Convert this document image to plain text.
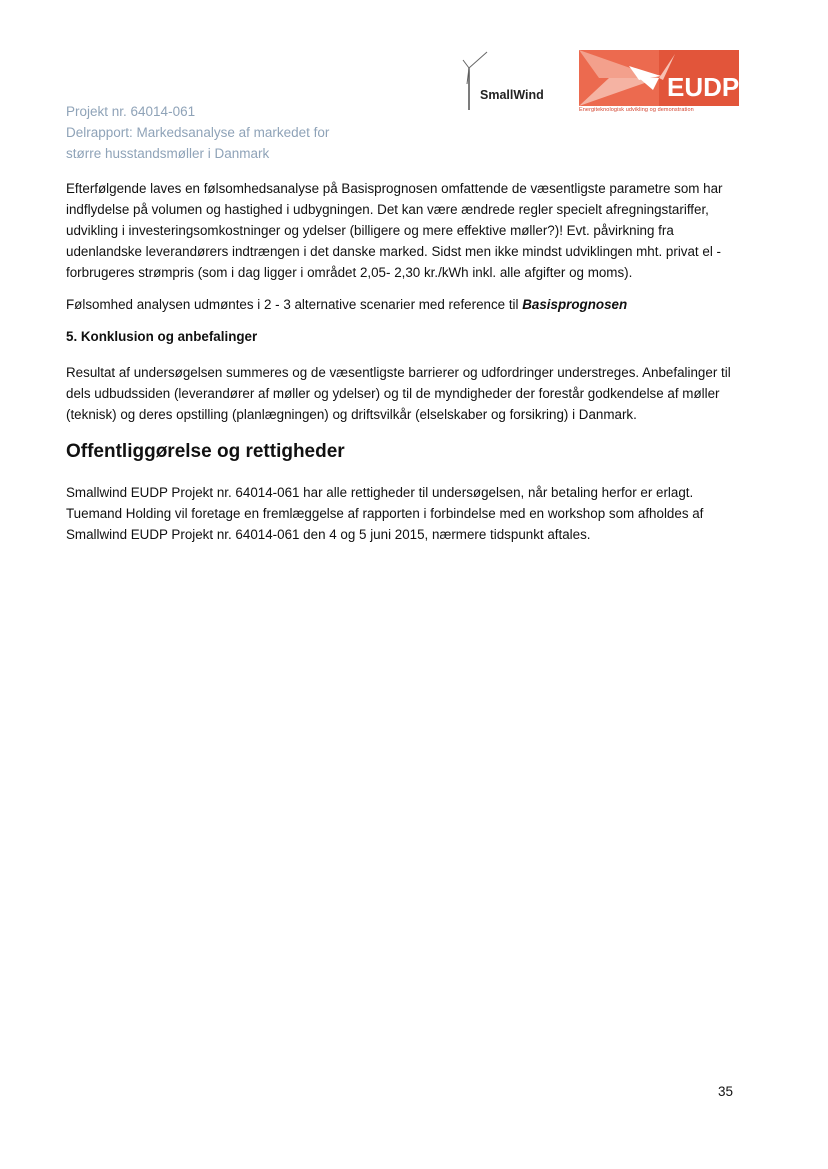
Projekt nr. 64014-061
Delrapport: Markedsanalyse af markedet for
større husstandsmøller i Danmark
SmallWind	EUDP
Energiteknologisk udvikling og demonstration

Efterfølgende laves en følsomhedsanalyse på Basisprognosen omfattende de væsentligste parametre som har indflydelse på volumen og hastighed i udbygningen. Det kan være ændrede regler specielt afregningstariffer, udvikling i investeringsomkostninger og ydelser (billigere og mere effektive møller?)! Evt. påvirkning fra udenlandske leverandørers indtrængen i det danske marked. Sidst men ikke mindst udviklingen mht. privat el -forbrugeres strømpris (som i dag ligger i området 2,05- 2,30 kr./kWh inkl. alle afgifter og moms).

Følsomhed analysen udmøntes i 2 - 3 alternative scenarier med reference til Basisprognosen

5. Konklusion og anbefalinger

Resultat af undersøgelsen summeres og de væsentligste barrierer og udfordringer understreges. Anbefalinger til dels udbudssiden (leverandører af møller og ydelser) og til de myndigheder der forestår godkendelse af møller (teknisk) og deres opstilling (planlægningen) og driftsvilkår (elselskaber og forsikring) i Danmark.

Offentliggørelse og rettigheder

Smallwind EUDP Projekt nr. 64014-061 har alle rettigheder til undersøgelsen, når betaling herfor er erlagt. Tuemand Holding vil foretage en fremlæggelse af rapporten i forbindelse med en workshop som afholdes af Smallwind EUDP Projekt nr. 64014-061 den 4 og 5 juni 2015, nærmere tidspunkt aftales.

35
